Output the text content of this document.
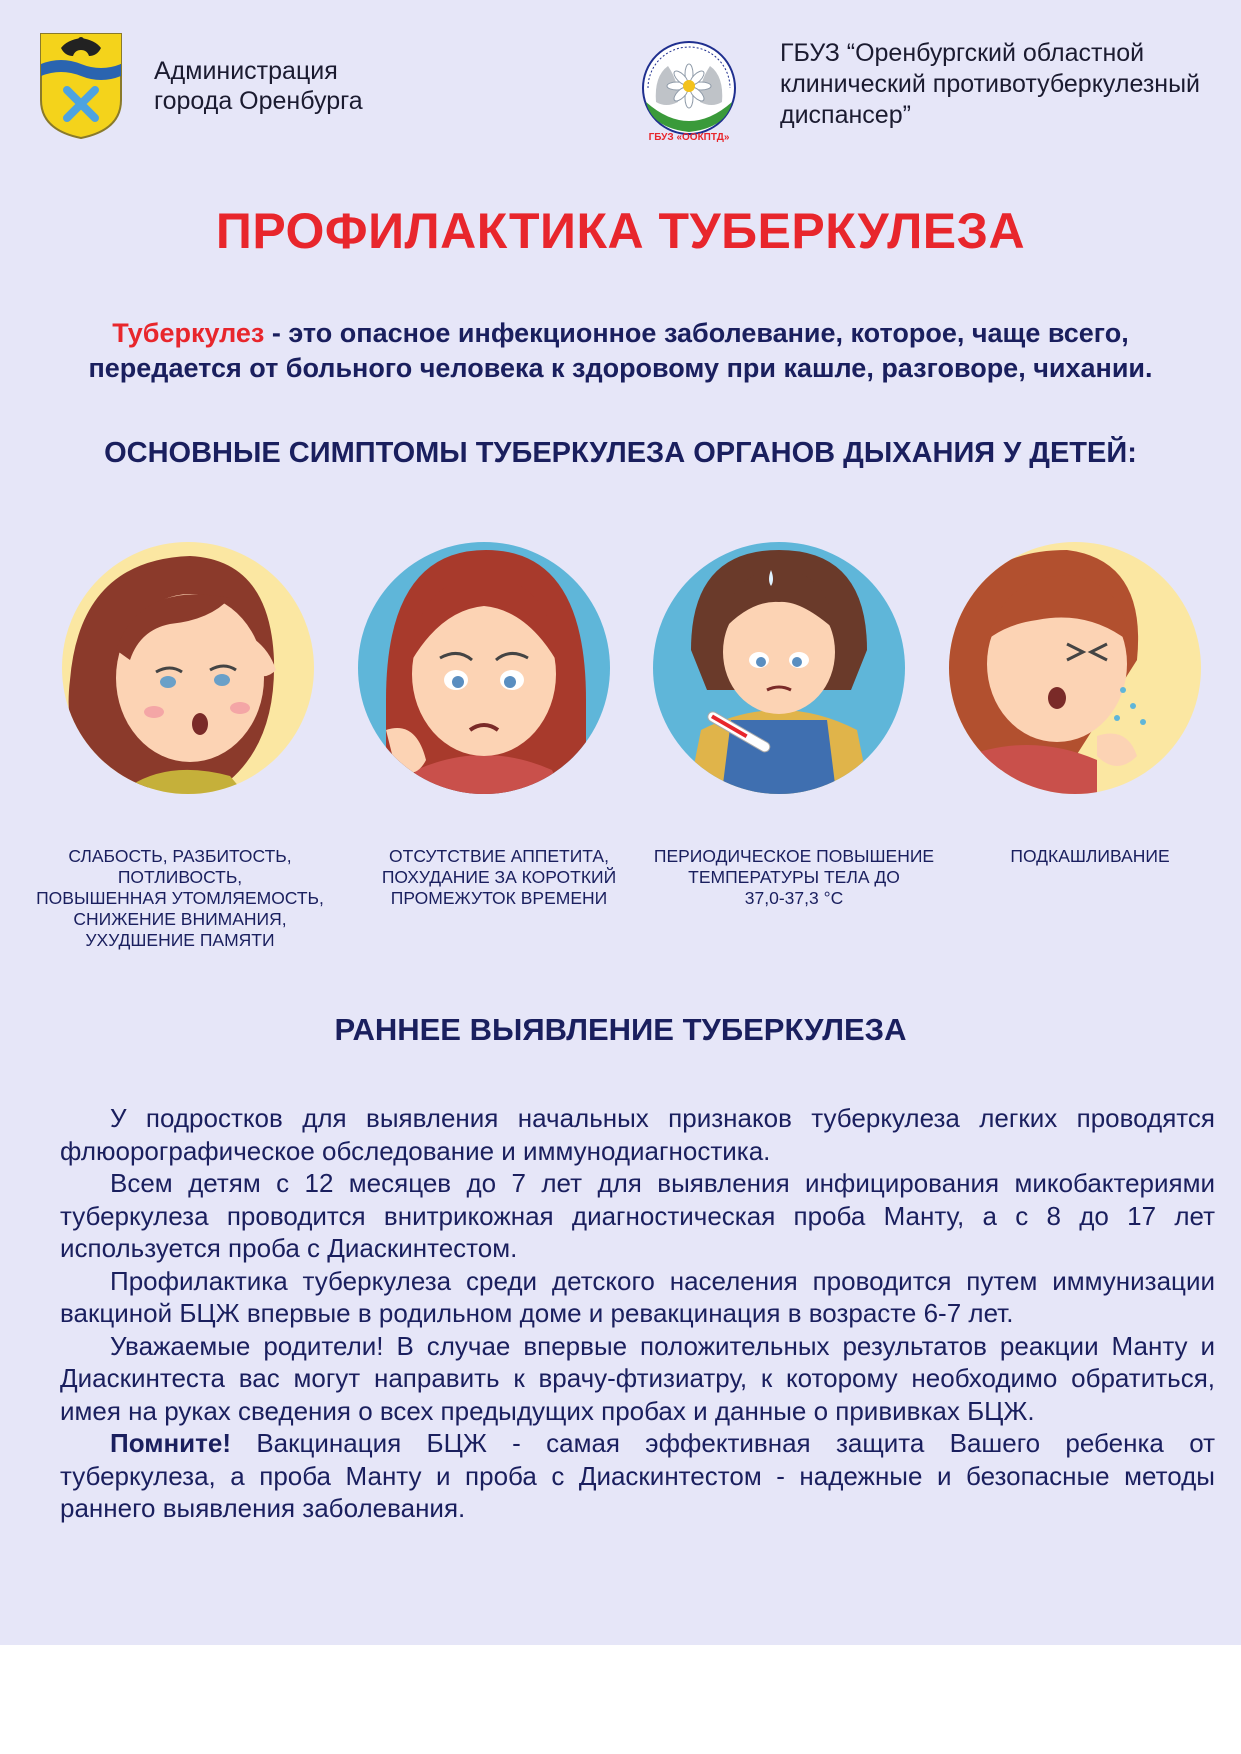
Администрация
города Оренбурга
ГБУЗ «ООКПТД»
ГБУЗ “Оренбургский областной
клинический противотуберкулезный
диспансер”
ПРОФИЛАКТИКА ТУБЕРКУЛЕЗА
Туберкулез - это опасное инфекционное заболевание, которое, чаще всего,
передается от больного человека к здоровому при кашле, разговоре, чихании.
ОСНОВНЫЕ СИМПТОМЫ ТУБЕРКУЛЕЗА ОРГАНОВ ДЫХАНИЯ У ДЕТЕЙ:
СЛАБОСТЬ, РАЗБИТОСТЬ,
ПОТЛИВОСТЬ,
ПОВЫШЕННАЯ УТОМЛЯЕМОСТЬ,
СНИЖЕНИЕ ВНИМАНИЯ,
УХУДШЕНИЕ ПАМЯТИ
ОТСУТСТВИЕ АППЕТИТА,
ПОХУДАНИЕ ЗА КОРОТКИЙ
ПРОМЕЖУТОК ВРЕМЕНИ
ПЕРИОДИЧЕСКОЕ ПОВЫШЕНИЕ
ТЕМПЕРАТУРЫ ТЕЛА ДО
37,0-37,3 °С
ПОДКАШЛИВАНИЕ
РАННЕЕ ВЫЯВЛЕНИЕ ТУБЕРКУЛЕЗА

У подростков для выявления начальных признаков туберкулеза легких проводятся флюорографическое обследование и иммунодиагностика.

Всем детям с 12 месяцев до 7 лет для выявления инфицирования микобактериями туберкулеза проводится внитрикожная диагностическая проба Манту, а с 8 до 17 лет используется проба с Диаскинтестом.

Профилактика туберкулеза среди детского населения проводится путем иммунизации вакциной БЦЖ впервые в родильном доме и ревакцинация в возрасте 6-7 лет.

Уважаемые родители! В случае впервые положительных результатов реакции Манту и Диаскинтеста вас могут направить к врачу-фтизиатру, к которому необходимо обратиться, имея на руках сведения о всех предыдущих пробах и данные о прививках БЦЖ.

Помните! Вакцинация БЦЖ - самая эффективная защита Вашего ребенка от туберкулеза, а проба Манту и проба с Диаскинтестом - надежные и безопасные методы раннего выявления заболевания.
